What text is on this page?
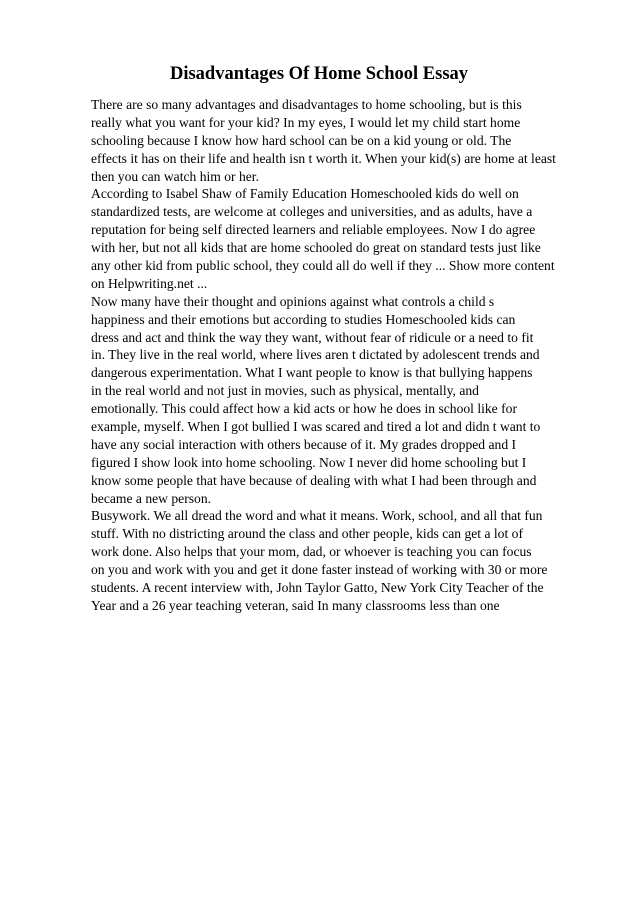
Disadvantages Of Home School Essay
There are so many advantages and disadvantages to home schooling, but is this
really what you want for your kid? In my eyes, I would let my child start home
schooling because I know how hard school can be on a kid young or old. The
effects it has on their life and health isn t worth it. When your kid(s) are home at least
then you can watch him or her.
According to Isabel Shaw of Family Education Homeschooled kids do well on
standardized tests, are welcome at colleges and universities, and as adults, have a
reputation for being self directed learners and reliable employees. Now I do agree
with her, but not all kids that are home schooled do great on standard tests just like
any other kid from public school, they could all do well if they ... Show more content
on Helpwriting.net ...
Now many have their thought and opinions against what controls a child s
happiness and their emotions but according to studies Homeschooled kids can
dress and act and think the way they want, without fear of ridicule or a need to fit
in. They live in the real world, where lives aren t dictated by adolescent trends and
dangerous experimentation. What I want people to know is that bullying happens
in the real world and not just in movies, such as physical, mentally, and
emotionally. This could affect how a kid acts or how he does in school like for
example, myself. When I got bullied I was scared and tired a lot and didn t want to
have any social interaction with others because of it. My grades dropped and I
figured I show look into home schooling. Now I never did home schooling but I
know some people that have because of dealing with what I had been through and
became a new person.
Busywork. We all dread the word and what it means. Work, school, and all that fun
stuff. With no districting around the class and other people, kids can get a lot of
work done. Also helps that your mom, dad, or whoever is teaching you can focus
on you and work with you and get it done faster instead of working with 30 or more
students. A recent interview with, John Taylor Gatto, New York City Teacher of the
Year and a 26 year teaching veteran, said In many classrooms less than one
